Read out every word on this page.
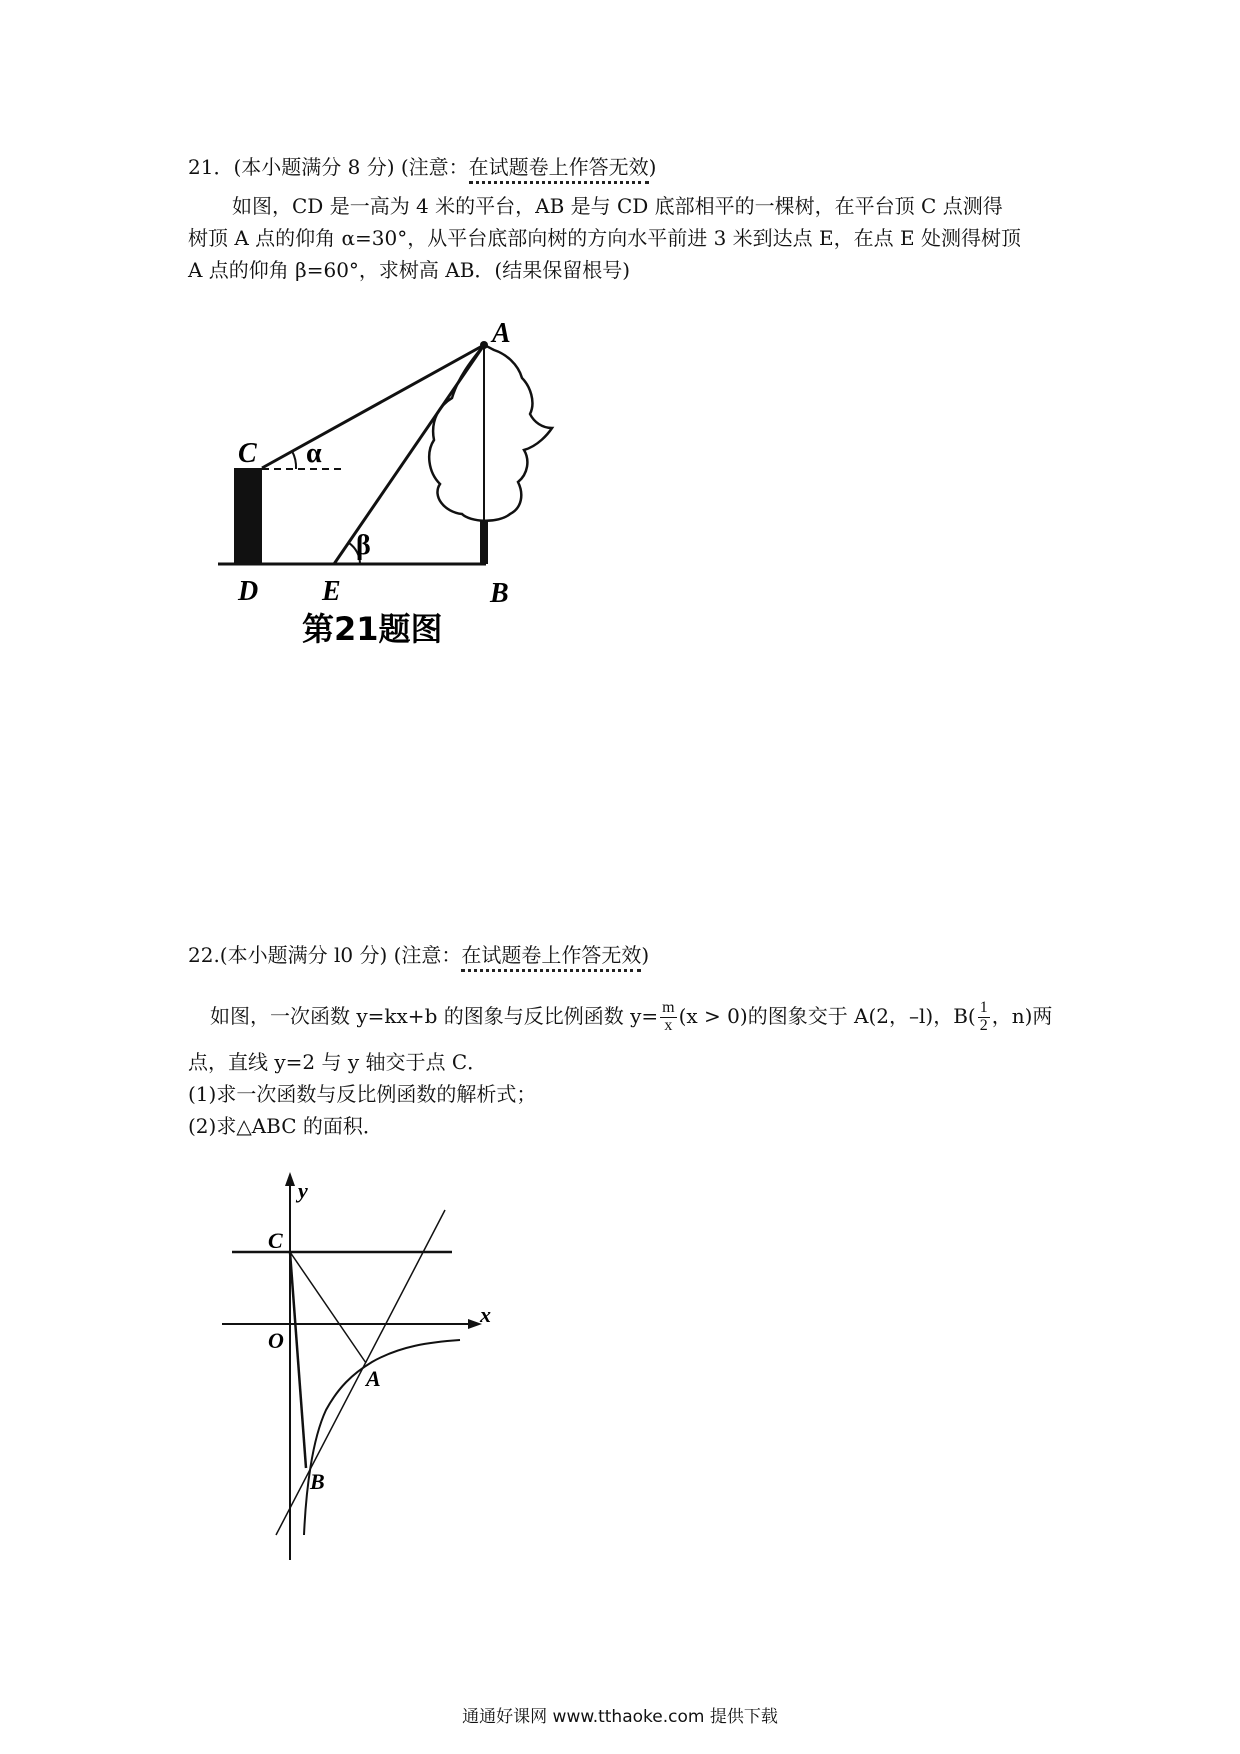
21．(本小题满分 8 分) (注意：在试题卷上作答无效)
如图，CD 是一高为 4 米的平台，AB 是与 CD 底部相平的一棵树，在平台顶 C 点测得
树顶 A 点的仰角 α=30°，从平台底部向树的方向水平前进 3 米到达点 E，在点 E 处测得树顶
A 点的仰角 β=60°，求树高 AB．(结果保留根号)
A
B
C
D E
α
β
第21题图
22.(本小题满分 l0 分) (注意：在试题卷上作答无效)
如图，一次函数 y=kx+b 的图象与反比例函数 $y= \frac{m}{x} (x > 0)$的图象交于 A(2，–l)，$B( \frac{1}{2}$ ，n)两
点，直线 y=2 与 y 轴交于点 C．
(1)求一次函数与反比例函数的解析式；
(2)求△ABC 的面积．
y
x
O
C
A
B
通通好课网 www.tthaoke.com 提供下载
